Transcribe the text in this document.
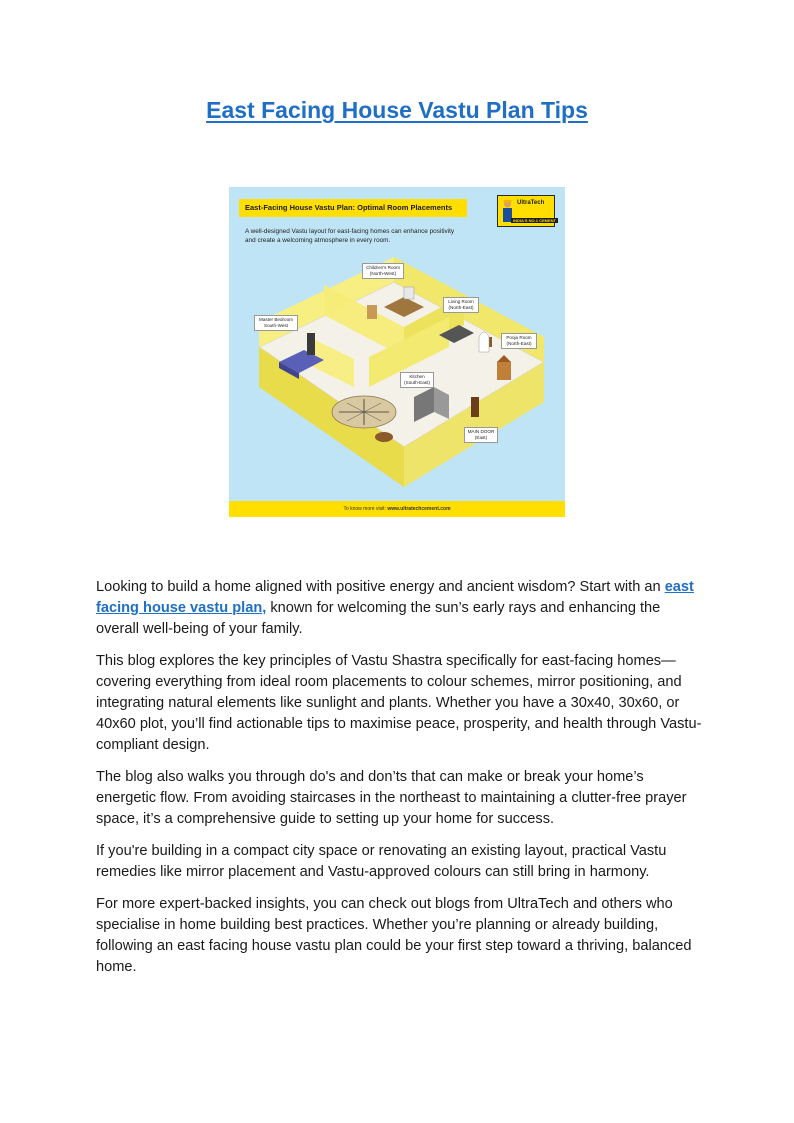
East Facing House Vastu Plan Tips
East-Facing House Vastu Plan: Optimal Room Placements	UltraTech
INDIA'S NO.1 CEMENT
A well-designed Vastu layout for east-facing homes can enhance positivity and create a welcoming atmosphere in every room.
Children's Room
(North-West)
Living Room
(North-East)
Master Bedroom
South-West
Pooja Room
(North-East)
Kitchen
(South-East)
MAIN DOOR
(East)
To know more visit: www.ultratechcement.com

Looking to build a home aligned with positive energy and ancient wisdom? Start with an east facing house vastu plan, known for welcoming the sun’s early rays and enhancing the overall well-being of your family.

This blog explores the key principles of Vastu Shastra specifically for east-facing homes— covering everything from ideal room placements to colour schemes, mirror positioning, and integrating natural elements like sunlight and plants. Whether you have a 30x40, 30x60, or 40x60 plot, you’ll find actionable tips to maximise peace, prosperity, and health through Vastu-compliant design.

The blog also walks you through do's and don’ts that can make or break your home’s energetic flow. From avoiding staircases in the northeast to maintaining a clutter-free prayer space, it’s a comprehensive guide to setting up your home for success.

If you're building in a compact city space or renovating an existing layout, practical Vastu remedies like mirror placement and Vastu-approved colours can still bring in harmony.

For more expert-backed insights, you can check out blogs from UltraTech and others who specialise in home building best practices. Whether you’re planning or already building, following an east facing house vastu plan could be your first step toward a thriving, balanced home.
